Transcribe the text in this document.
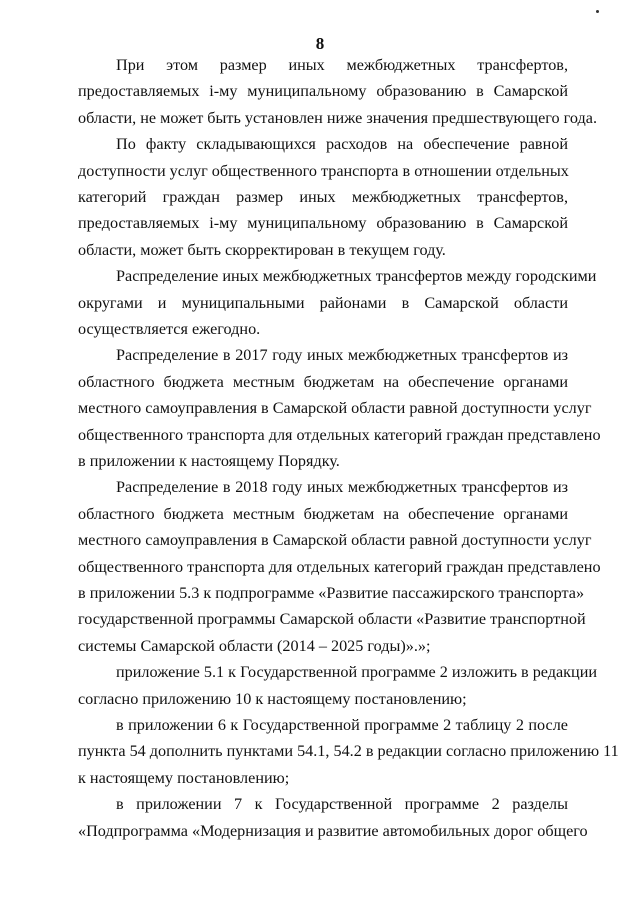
8
При этом размер иных межбюджетных трансфертов,
предоставляемых i-му муниципальному образованию в Самарской
области, не может быть установлен ниже значения предшествующего года.
По факту складывающихся расходов на обеспечение равной
доступности услуг общественного транспорта в отношении отдельных
категорий граждан размер иных межбюджетных трансфертов,
предоставляемых i-му муниципальному образованию в Самарской
области, может быть скорректирован в текущем году.
Распределение иных межбюджетных трансфертов между городскими
округами и муниципальными районами в Самарской области
осуществляется ежегодно.
Распределение в 2017 году иных межбюджетных трансфертов из
областного бюджета местным бюджетам на обеспечение органами
местного самоуправления в Самарской области равной доступности услуг
общественного транспорта для отдельных категорий граждан представлено
в приложении к настоящему Порядку.
Распределение в 2018 году иных межбюджетных трансфертов из
областного бюджета местным бюджетам на обеспечение органами
местного самоуправления в Самарской области равной доступности услуг
общественного транспорта для отдельных категорий граждан представлено
в приложении 5.3 к подпрограмме «Развитие пассажирского транспорта»
государственной программы Самарской области «Развитие транспортной
системы Самарской области (2014 – 2025 годы)».»;
приложение 5.1 к Государственной программе 2 изложить в редакции
согласно приложению 10 к настоящему постановлению;
в приложении 6 к Государственной программе 2 таблицу 2 после
пункта 54 дополнить пунктами 54.1, 54.2 в редакции согласно приложению 11
к настоящему постановлению;
в приложении 7 к Государственной программе 2 разделы
«Подпрограмма «Модернизация и развитие автомобильных дорог общего
